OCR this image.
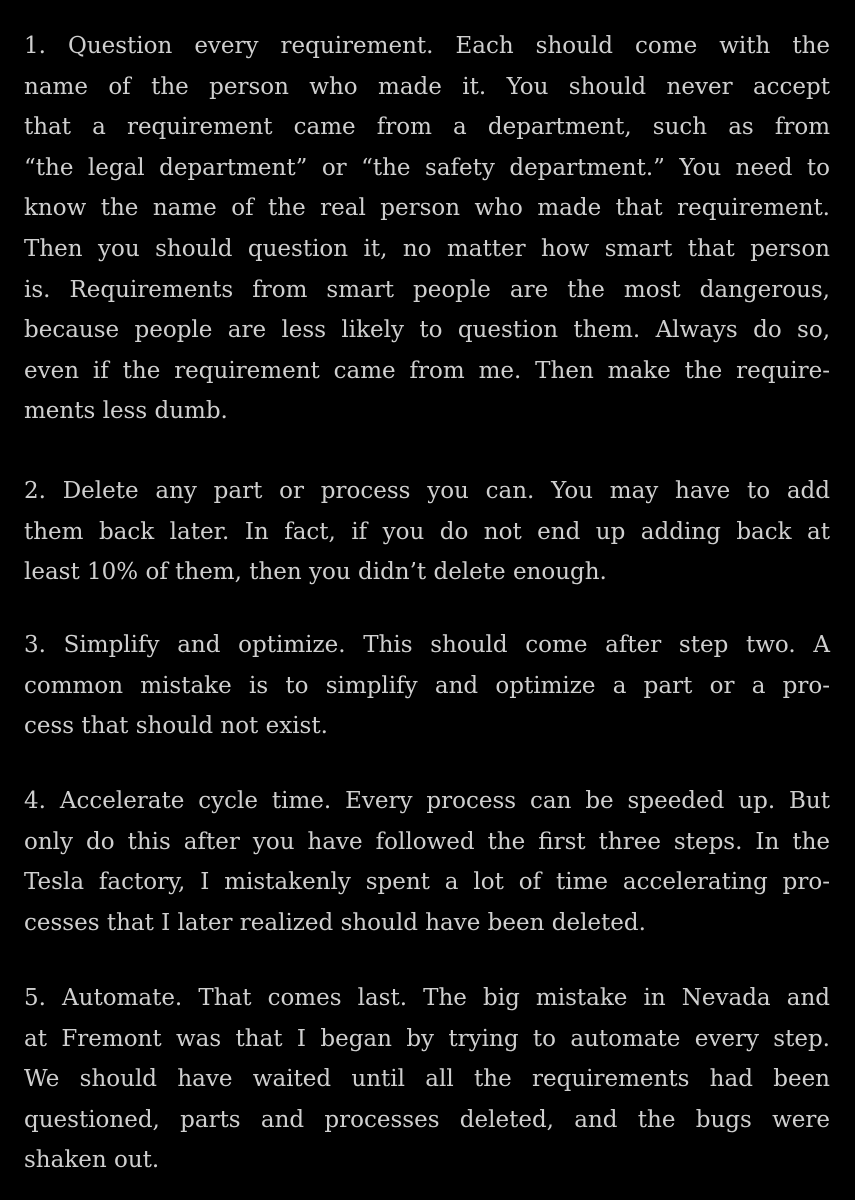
1. Question every requirement. Each should come with the
name of the person who made it. You should never accept
that a requirement came from a department, such as from
“the legal department” or “the safety department.” You need to
know the name of the real person who made that requirement.
Then you should question it, no matter how smart that person
is. Requirements from smart people are the most dangerous,
because people are less likely to question them. Always do so,
even if the requirement came from me. Then make the require-
ments less dumb.

2. Delete any part or process you can. You may have to add
them back later. In fact, if you do not end up adding back at
least 10% of them, then you didn’t delete enough.

3. Simplify and optimize. This should come after step two. A
common mistake is to simplify and optimize a part or a pro-
cess that should not exist.

4. Accelerate cycle time. Every process can be speeded up. But
only do this after you have followed the first three steps. In the
Tesla factory, I mistakenly spent a lot of time accelerating pro-
cesses that I later realized should have been deleted.

5. Automate. That comes last. The big mistake in Nevada and
at Fremont was that I began by trying to automate every step.
We should have waited until all the requirements had been
questioned, parts and processes deleted, and the bugs were
shaken out.
